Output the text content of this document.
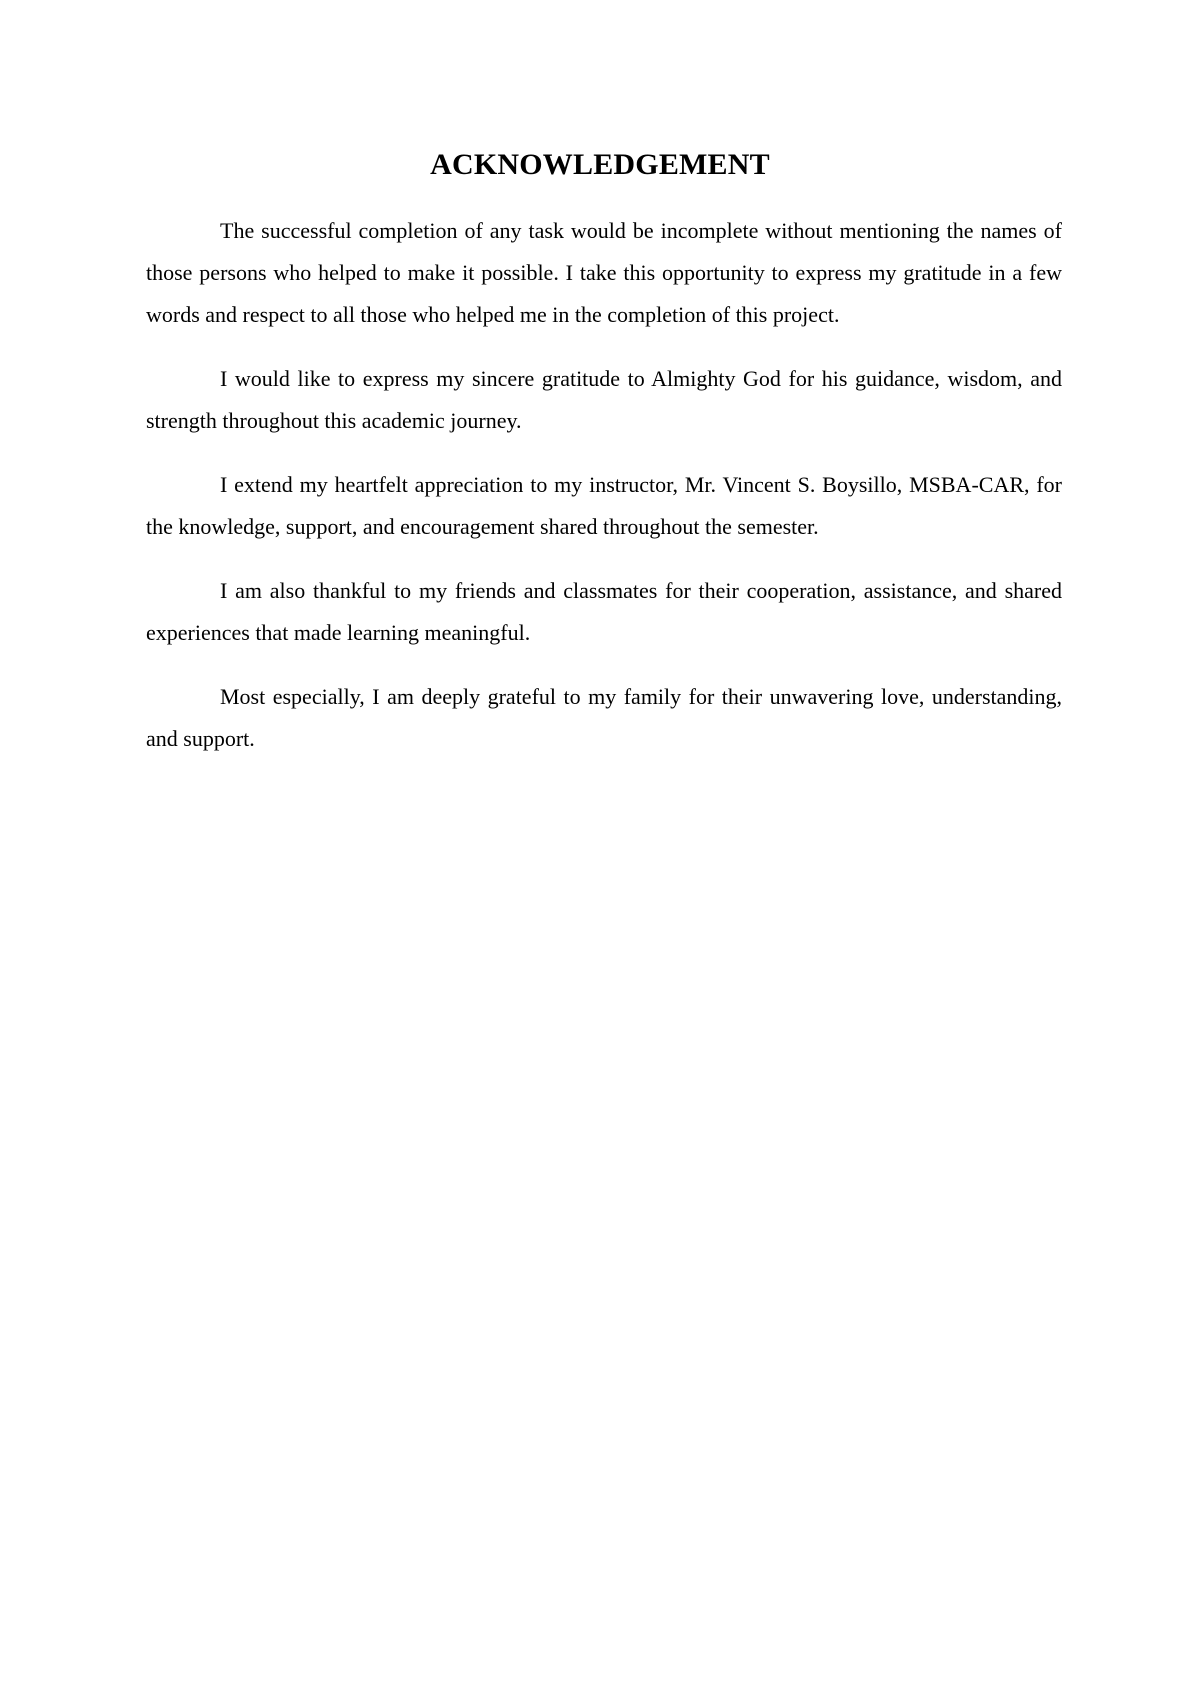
ACKNOWLEDGEMENT

The successful completion of any task would be incomplete without mentioning the names of those persons who helped to make it possible. I take this opportunity to express my gratitude in a few words and respect to all those who helped me in the completion of this project.

I would like to express my sincere gratitude to Almighty God for his guidance, wisdom, and strength throughout this academic journey.

I extend my heartfelt appreciation to my instructor, Mr. Vincent S. Boysillo, MSBA-CAR, for the knowledge, support, and encouragement shared throughout the semester.

I am also thankful to my friends and classmates for their cooperation, assistance, and shared experiences that made learning meaningful.

Most especially, I am deeply grateful to my family for their unwavering love, understanding, and support.
